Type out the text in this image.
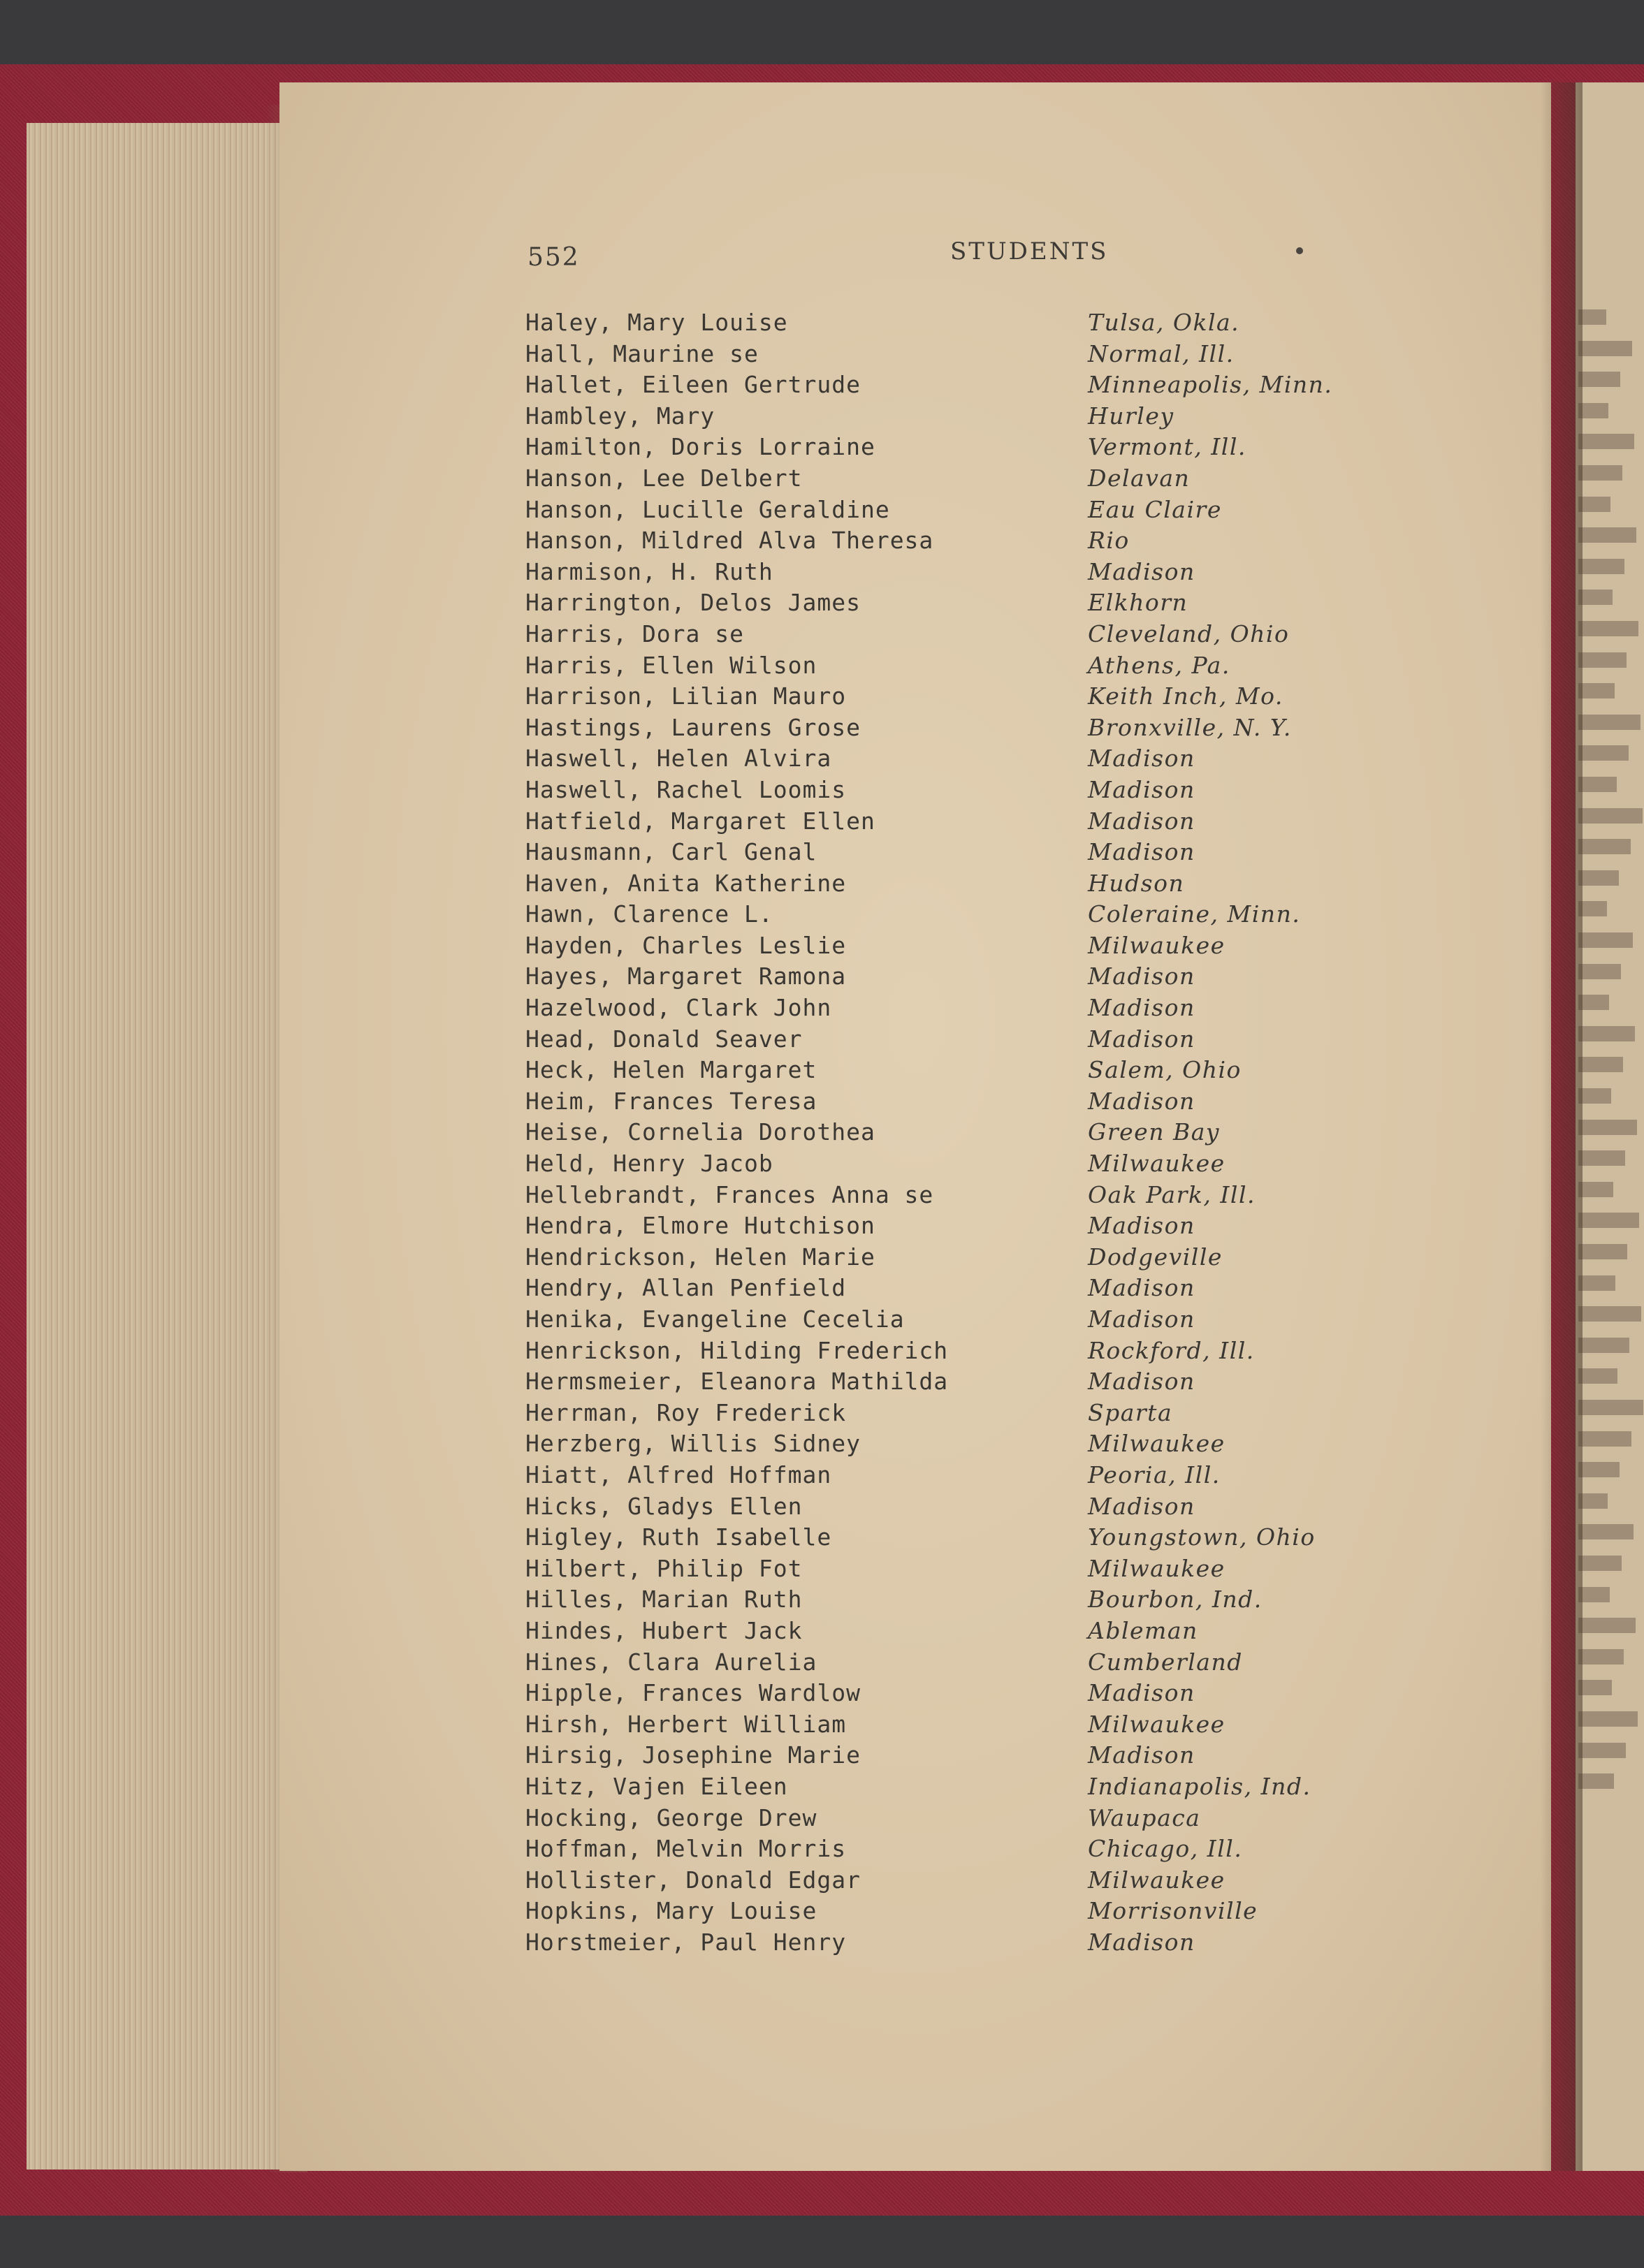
552	STUDENTS
Haley, Mary Louise	Tulsa, Okla.
Hall, Maurine se	Normal, Ill.
Hallet, Eileen Gertrude	Minneapolis, Minn.
Hambley, Mary	Hurley
Hamilton, Doris Lorraine	Vermont, Ill.
Hanson, Lee Delbert	Delavan
Hanson, Lucille Geraldine	Eau Claire
Hanson, Mildred Alva Theresa	Rio
Harmison, H. Ruth	Madison
Harrington, Delos James	Elkhorn
Harris, Dora se	Cleveland, Ohio
Harris, Ellen Wilson	Athens, Pa.
Harrison, Lilian Mauro	Keith Inch, Mo.
Hastings, Laurens Grose	Bronxville, N. Y.
Haswell, Helen Alvira	Madison
Haswell, Rachel Loomis	Madison
Hatfield, Margaret Ellen	Madison
Hausmann, Carl Genal	Madison
Haven, Anita Katherine	Hudson
Hawn, Clarence L.	Coleraine, Minn.
Hayden, Charles Leslie	Milwaukee
Hayes, Margaret Ramona	Madison
Hazelwood, Clark John	Madison
Head, Donald Seaver	Madison
Heck, Helen Margaret	Salem, Ohio
Heim, Frances Teresa	Madison
Heise, Cornelia Dorothea	Green Bay
Held, Henry Jacob	Milwaukee
Hellebrandt, Frances Anna se	Oak Park, Ill.
Hendra, Elmore Hutchison	Madison
Hendrickson, Helen Marie	Dodgeville
Hendry, Allan Penfield	Madison
Henika, Evangeline Cecelia	Madison
Henrickson, Hilding Frederich	Rockford, Ill.
Hermsmeier, Eleanora Mathilda	Madison
Herrman, Roy Frederick	Sparta
Herzberg, Willis Sidney	Milwaukee
Hiatt, Alfred Hoffman	Peoria, Ill.
Hicks, Gladys Ellen	Madison
Higley, Ruth Isabelle	Youngstown, Ohio
Hilbert, Philip Fot	Milwaukee
Hilles, Marian Ruth	Bourbon, Ind.
Hindes, Hubert Jack	Ableman
Hines, Clara Aurelia	Cumberland
Hipple, Frances Wardlow	Madison
Hirsh, Herbert William	Milwaukee
Hirsig, Josephine Marie	Madison
Hitz, Vajen Eileen	Indianapolis, Ind.
Hocking, George Drew	Waupaca
Hoffman, Melvin Morris	Chicago, Ill.
Hollister, Donald Edgar	Milwaukee
Hopkins, Mary Louise	Morrisonville
Horstmeier, Paul Henry	Madison
